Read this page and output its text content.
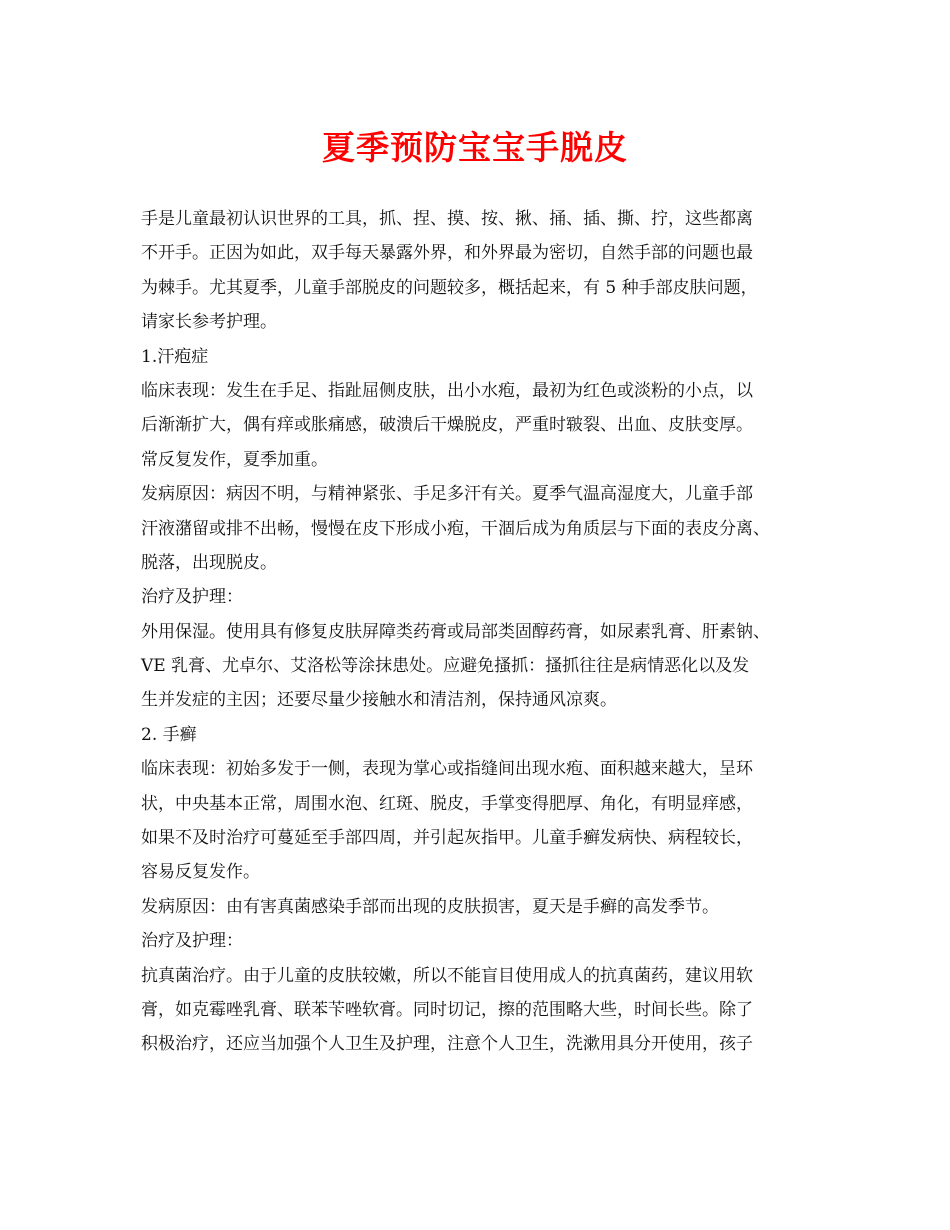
夏季预防宝宝手脱皮
手是儿童最初认识世界的工具，抓、捏、摸、按、揪、捅、插、撕、拧，这些都离
不开手。正因为如此，双手每天暴露外界，和外界最为密切，自然手部的问题也最
为棘手。尤其夏季，儿童手部脱皮的问题较多，概括起来，有 5 种手部皮肤问题，
请家长参考护理。
1.汗疱症
临床表现：发生在手足、指趾屈侧皮肤，出小水疱，最初为红色或淡粉的小点，以
后渐渐扩大，偶有痒或胀痛感，破溃后干燥脱皮，严重时皲裂、出血、皮肤变厚。
常反复发作，夏季加重。
发病原因：病因不明，与精神紧张、手足多汗有关。夏季气温高湿度大，儿童手部
汗液潴留或排不出畅，慢慢在皮下形成小疱，干涸后成为角质层与下面的表皮分离、
脱落，出现脱皮。
治疗及护理：
外用保湿。使用具有修复皮肤屏障类药膏或局部类固醇药膏，如尿素乳膏、肝素钠、
VE 乳膏、尤卓尔、艾洛松等涂抹患处。应避免搔抓：搔抓往往是病情恶化以及发
生并发症的主因；还要尽量少接触水和清洁剂，保持通风凉爽。
2. 手癣
临床表现：初始多发于一侧，表现为掌心或指缝间出现水疱、面积越来越大，呈环
状，中央基本正常，周围水泡、红斑、脱皮，手掌变得肥厚、角化，有明显痒感，
如果不及时治疗可蔓延至手部四周，并引起灰指甲。儿童手癣发病快、病程较长，
容易反复发作。
发病原因：由有害真菌感染手部而出现的皮肤损害，夏天是手癣的高发季节。
治疗及护理：
抗真菌治疗。由于儿童的皮肤较嫩，所以不能盲目使用成人的抗真菌药，建议用软
膏，如克霉唑乳膏、联苯苄唑软膏。同时切记，擦的范围略大些，时间长些。除了
积极治疗，还应当加强个人卫生及护理，注意个人卫生，洗漱用具分开使用，孩子
